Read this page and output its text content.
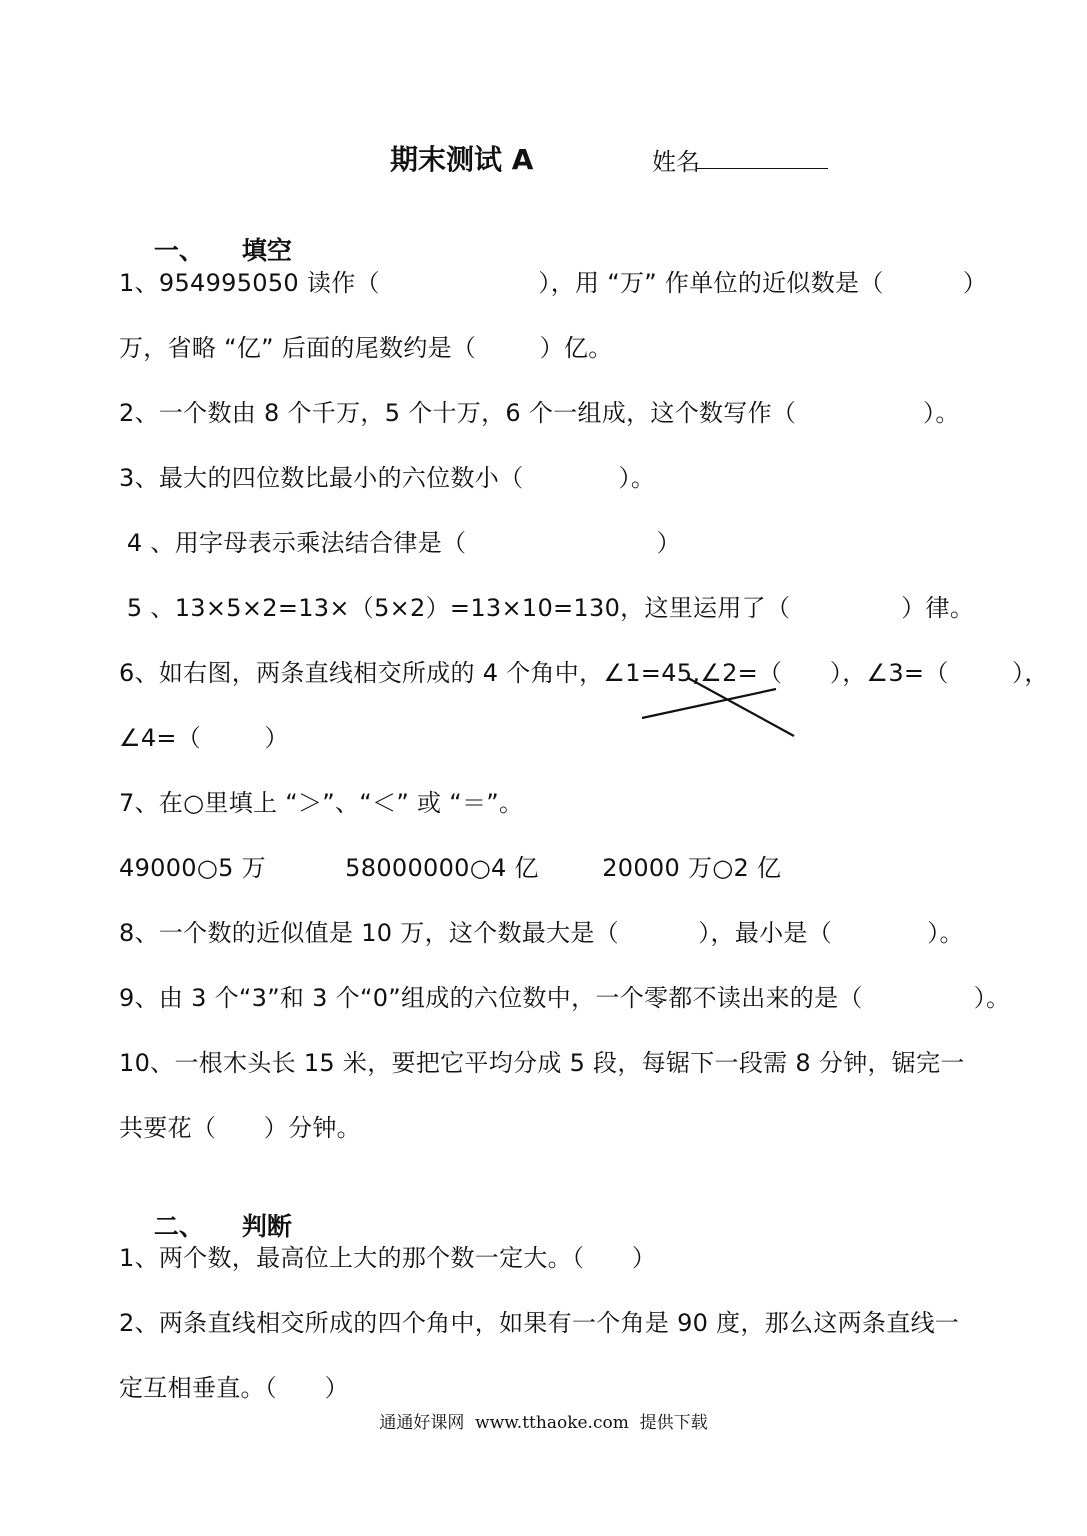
期末测试 A	姓名

一、 填空

1、954995050 读作（                    ），用 “万” 作单位的近似数是（          ）
万，省略 “亿” 后面的尾数约是（        ）亿。
2、一个数由 8 个千万，5 个十万，6 个一组成，这个数写作（                ）。
3、最大的四位数比最小的六位数小（            ）。
4 、用字母表示乘法结合律是（                        ）
5 、13×5×2=13×（5×2）=13×10=130，这里运用了（              ）律。
6、如右图，两条直线相交所成的 4 个角中，∠1=45,∠2=（      ），∠3=（        ），
∠4=（        ）
7、在○里填上 “＞”、“＜” 或 “＝”。
49000○5 万          58000000○4 亿        20000 万○2 亿
8、一个数的近似值是 10 万，这个数最大是（          ），最小是（            ）。
9、由 3 个“3”和 3 个“0”组成的六位数中，一个零都不读出来的是（              ）。
10、一根木头长 15 米，要把它平均分成 5 段，每锯下一段需 8 分钟，锯完一
共要花（      ）分钟。

二、 判断

1、两个数，最高位上大的那个数一定大。（      ）
2、两条直线相交所成的四个角中，如果有一个角是 90 度，那么这两条直线一
定互相垂直。（      ）
通通好课网  www.tthaoke.com  提供下载
